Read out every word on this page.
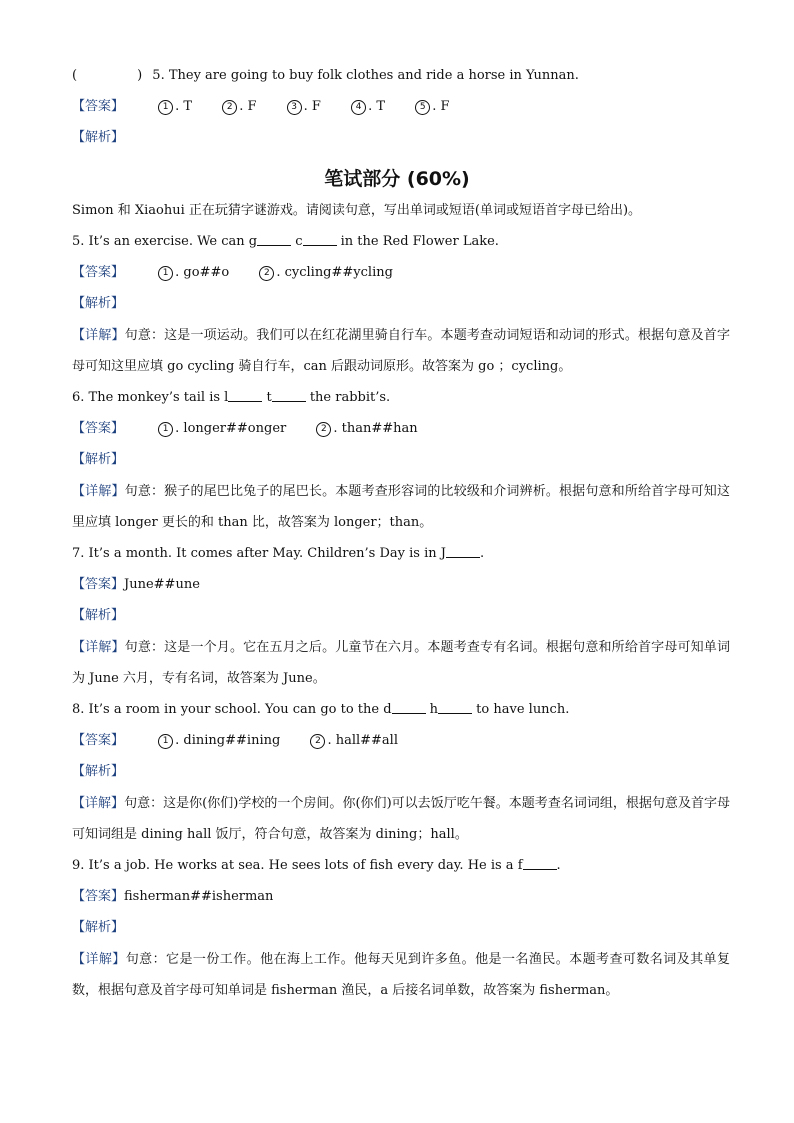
(	) 5. They are going to buy folk clothes and ride a horse in Yunnan.
【答案】	1 . T	2 . F	3 . F	4 . T	5 . F
【解析】
笔试部分 (60%)
Simon 和 Xiaohui 正在玩猜字谜游戏。请阅读句意，写出单词或短语(单词或短语首字母已给出)。
5. It’s an exercise. We can g	c	in the Red Flower Lake.
【答案】	1 . go##o	2 . cycling##ycling
【解析】
【详解】句意：这是一项运动。我们可以在红花湖里骑自行车。本题考查动词短语和动词的形式。根据句意及首字母可知这里应填 go cycling 骑自行车，can 后跟动词原形。故答案为 go ；cycling。
6. The monkey’s tail is l	t	the rabbit’s.
【答案】	1 . longer##onger	2 . than##han
【解析】
【详解】句意：猴子的尾巴比兔子的尾巴长。本题考查形容词的比较级和介词辨析。根据句意和所给首字母可知这里应填 longer 更长的和 than 比，故答案为 longer；than。
7. It’s a month. It comes after May. Children’s Day is in J	.
【答案】June##une
【解析】
【详解】句意：这是一个月。它在五月之后。儿童节在六月。本题考查专有名词。根据句意和所给首字母可知单词为 June 六月，专有名词，故答案为 June。
8. It’s a room in your school. You can go to the d	h	to have lunch.
【答案】	1 . dining##ining	2 . hall##all
【解析】
【详解】句意：这是你(你们)学校的一个房间。你(你们)可以去饭厅吃午餐。本题考查名词词组，根据句意及首字母可知词组是 dining hall 饭厅，符合句意，故答案为 dining；hall。
9. It’s a job. He works at sea. He sees lots of fish every day. He is a f	.
【答案】fisherman##isherman
【解析】
【详解】句意：它是一份工作。他在海上工作。他每天见到许多鱼。他是一名渔民。本题考查可数名词及其单复数，根据句意及首字母可知单词是 fisherman 渔民，a 后接名词单数，故答案为 fisherman。
